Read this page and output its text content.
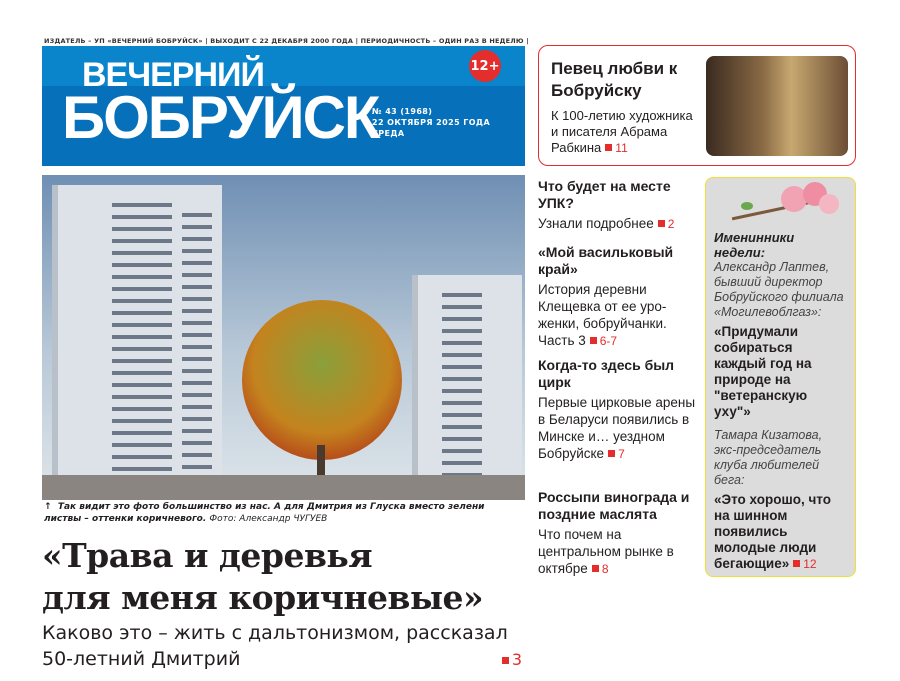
ИЗДАТЕЛЬ – УП «ВЕЧЕРНИЙ БОБРУЙСК» | ВЫХОДИТ С 22 ДЕКАБРЯ 2000 ГОДА | ПЕРИОДИЧНОСТЬ – ОДИН РАЗ В НЕДЕЛЮ |
ВЕЧЕРНИЙ
БОБРУЙСК
№ 43 (1968)
22 ОКТЯБРЯ 2025 ГОДА
СРЕДА
12+
↑ Так видит это фото большинство из нас. А для Дмитрия из Глуска вместо зелени листвы – оттенки коричневого. Фото: Александр ЧУГУЕВ
«Трава и деревья
для меня коричневые»
Каково это – жить с дальтонизмом, рассказал 50-летний Дмитрий	3
Певец любви к Бобруйску

К 100-летию художника и писателя Абрама Рабкина 11

Что будет на месте УПК?

Узнали подробнее 2

«Мой васильковый край»

История деревни Клещевка от ее уро-женки, бобруйчанки. Часть 3 6-7

Когда-то здесь был цирк

Первые цирковые арены в Беларуси появились в Минске и… уездном Бобруйске 7

Россыпи винограда и поздние маслята

Что почем на центральном рынке в октябре 8

Именинники недели:
Александр Лаптев, бывший директор Бобруйского филиала «Могилевоблгаз»:
«Придумали собираться каждый год на природе на "ветеранскую уху"»
Тамара Кизатова, экс-председатель клуба любителей бега:
«Это хорошо, что на шинном появились молодые люди бегающие» 12
